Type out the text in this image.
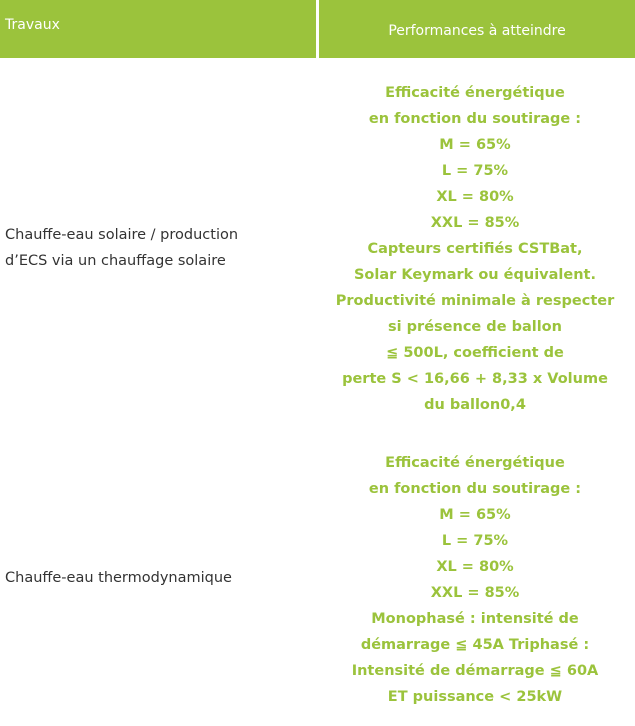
Travaux	Performances à atteindre
Chauffe-eau solaire / production
d’ECS via un chauffage solaire
Efficacité énergétique
en fonction du soutirage :
M = 65%
L = 75%
XL = 80%
XXL = 85%
Capteurs certifiés CSTBat,
Solar Keymark ou équivalent.
Productivité minimale à respecter
si présence de ballon
≦ 500L, coefficient de
perte S < 16,66 + 8,33 x Volume
du ballon0,4
Chauffe-eau thermodynamique
Efficacité énergétique
en fonction du soutirage :
M = 65%
L = 75%
XL = 80%
XXL = 85%
Monophasé : intensité de
démarrage ≦ 45A Triphasé :
Intensité de démarrage ≦ 60A
ET puissance < 25kW
